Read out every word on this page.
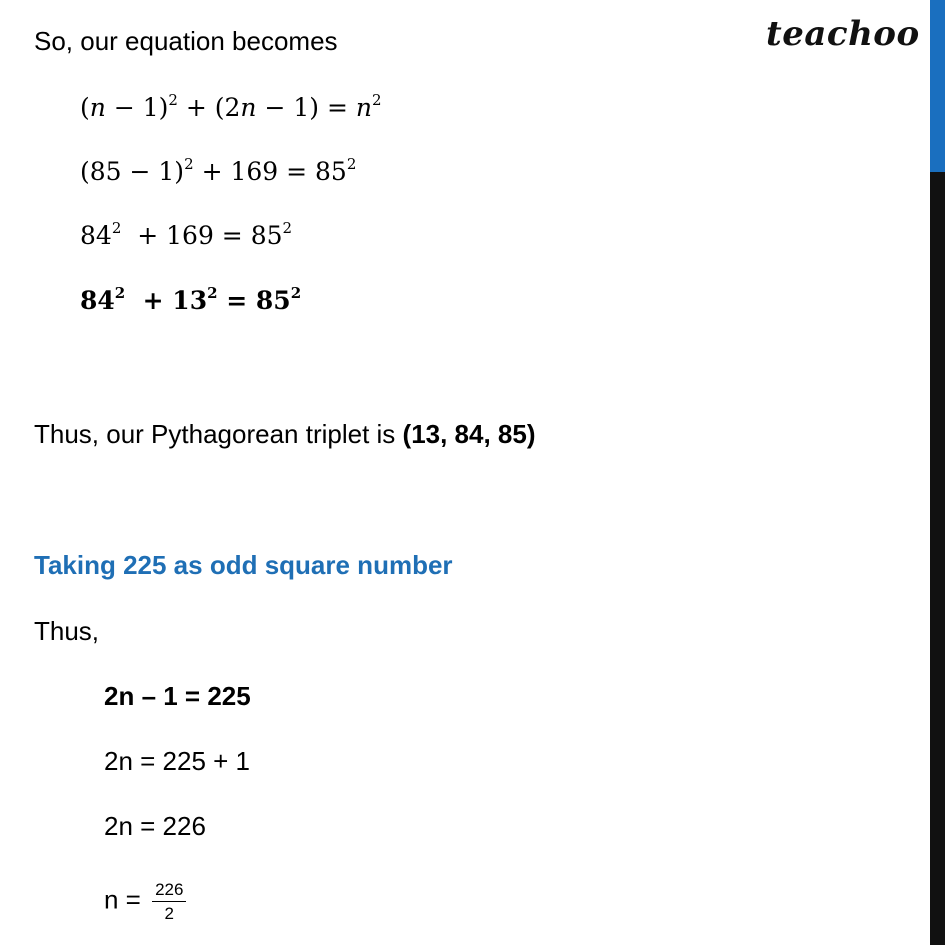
teachoo
So, our equation becomes
$(n - 1)^2 + (2n - 1) = n^2$
$(85 - 1)^2 + 169 = 85^2$
$84^2 + 169 = 85^2$
$84^2 + 13^2 = 85^2$
Thus, our Pythagorean triplet is (13, 84, 85)
Taking 225 as odd square number
Thus,
2n – 1 = 225
2n = 225 + 1
2n = 226
$n = \frac{226}{2}$
